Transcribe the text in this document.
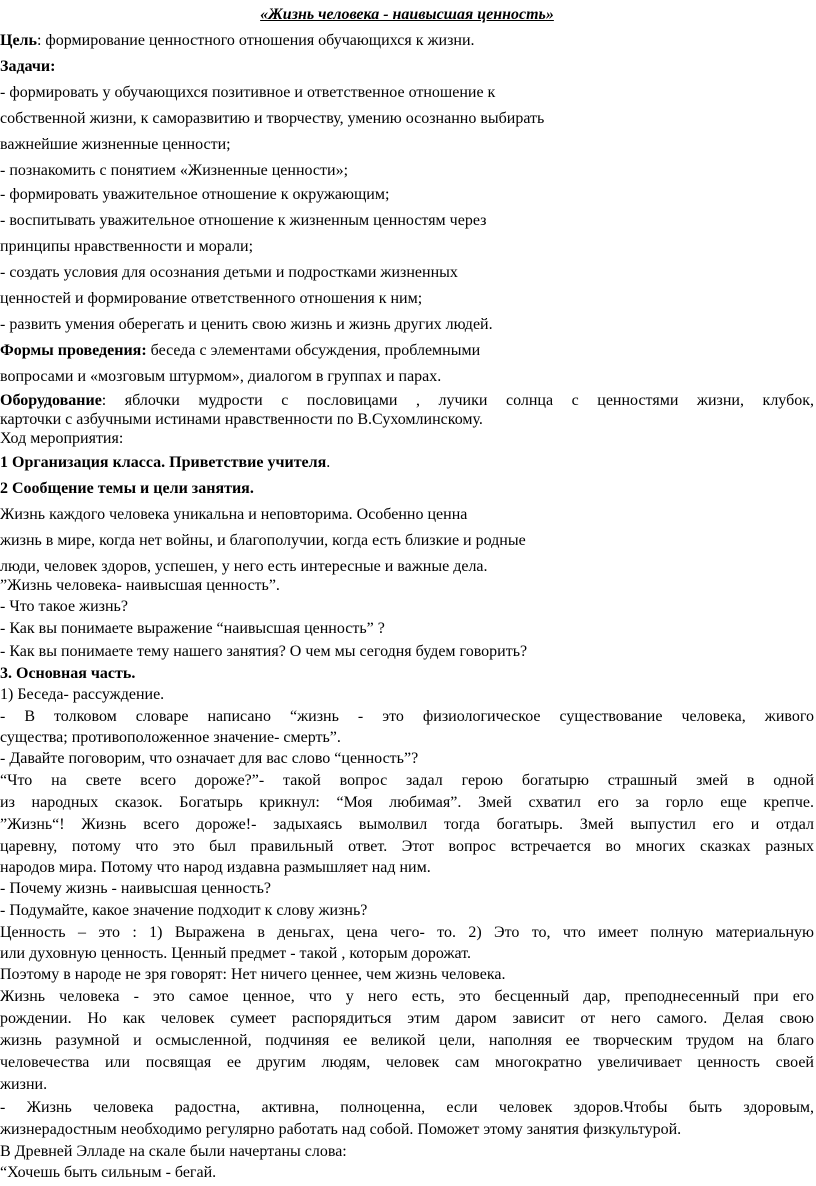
«Жизнь человека - наивысшая ценность»
Цель: формирование ценностного отношения обучающихся к жизни.
Задачи:
- формировать у обучающихся позитивное и ответственное отношение к
собственной жизни, к саморазвитию и творчеству, умению осознанно выбирать
важнейшие жизненные ценности;
- познакомить с понятием «Жизненные ценности»;
- формировать уважительное отношение к окружающим;
- воспитывать уважительное отношение к жизненным ценностям через
принципы нравственности и морали;
- создать условия для осознания детьми и подростками жизненных
ценностей и формирование ответственного отношения к ним;
- развить умения оберегать и ценить свою жизнь и жизнь других людей.
Формы проведения: беседа с элементами обсуждения, проблемными
вопросами и «мозговым штурмом», диалогом в группах и парах.
Оборудование: яблочки мудрости с пословицами , лучики солнца с ценностями жизни, клубок,
карточки с азбучными истинами нравственности по В.Сухомлинскому.
Ход мероприятия:
1 Организация класса. Приветствие учителя.
2 Сообщение темы и цели занятия.
Жизнь каждого человека уникальна и неповторима. Особенно ценна
жизнь в мире, когда нет войны, и благополучии, когда есть близкие и родные
люди, человек здоров, успешен, у него есть интересные и важные дела.
”Жизнь человека- наивысшая ценность”.
- Что такое жизнь?
- Как вы понимаете выражение “наивысшая ценность” ?
- Как вы понимаете тему нашего занятия? О чем мы сегодня будем говорить?
3. Основная часть.
1) Беседа- рассуждение.
- В толковом словаре написано “жизнь - это физиологическое существование человека, живого
существа; противоположенное значение- смерть”.
- Давайте поговорим, что означает для вас слово “ценность”?
“Что на свете всего дороже?”- такой вопрос задал герою богатырю страшный змей в одной
из народных сказок. Богатырь крикнул: “Моя любимая”. Змей схватил его за горло еще крепче.
”Жизнь“! Жизнь всего дороже!- задыхаясь вымолвил тогда богатырь. Змей выпустил его и отдал
царевну, потому что это был правильный ответ. Этот вопрос встречается во многих сказках разных
народов мира. Потому что народ издавна размышляет над ним.
- Почему жизнь - наивысшая ценность?
- Подумайте, какое значение подходит к слову жизнь?
Ценность – это : 1) Выражена в деньгах, цена чего- то. 2) Это то, что имеет полную материальную
или духовную ценность. Ценный предмет - такой , которым дорожат.
Поэтому в народе не зря говорят: Нет ничего ценнее, чем жизнь человека.
Жизнь человека - это самое ценное, что у него есть, это бесценный дар, преподнесенный при его
рождении. Но как человек сумеет распорядиться этим даром зависит от него самого. Делая свою
жизнь разумной и осмысленной, подчиняя ее великой цели, наполняя ее творческим трудом на благо
человечества или посвящая ее другим людям, человек сам многократно увеличивает ценность своей
жизни.
- Жизнь человека радостна, активна, полноценна, если человек здоров.Чтобы быть здоровым,
жизнерадостным необходимо регулярно работать над собой. Поможет этому занятия физкультурой.
В Древней Элладе на скале были начертаны слова:
“Хочешь быть сильным - бегай.
